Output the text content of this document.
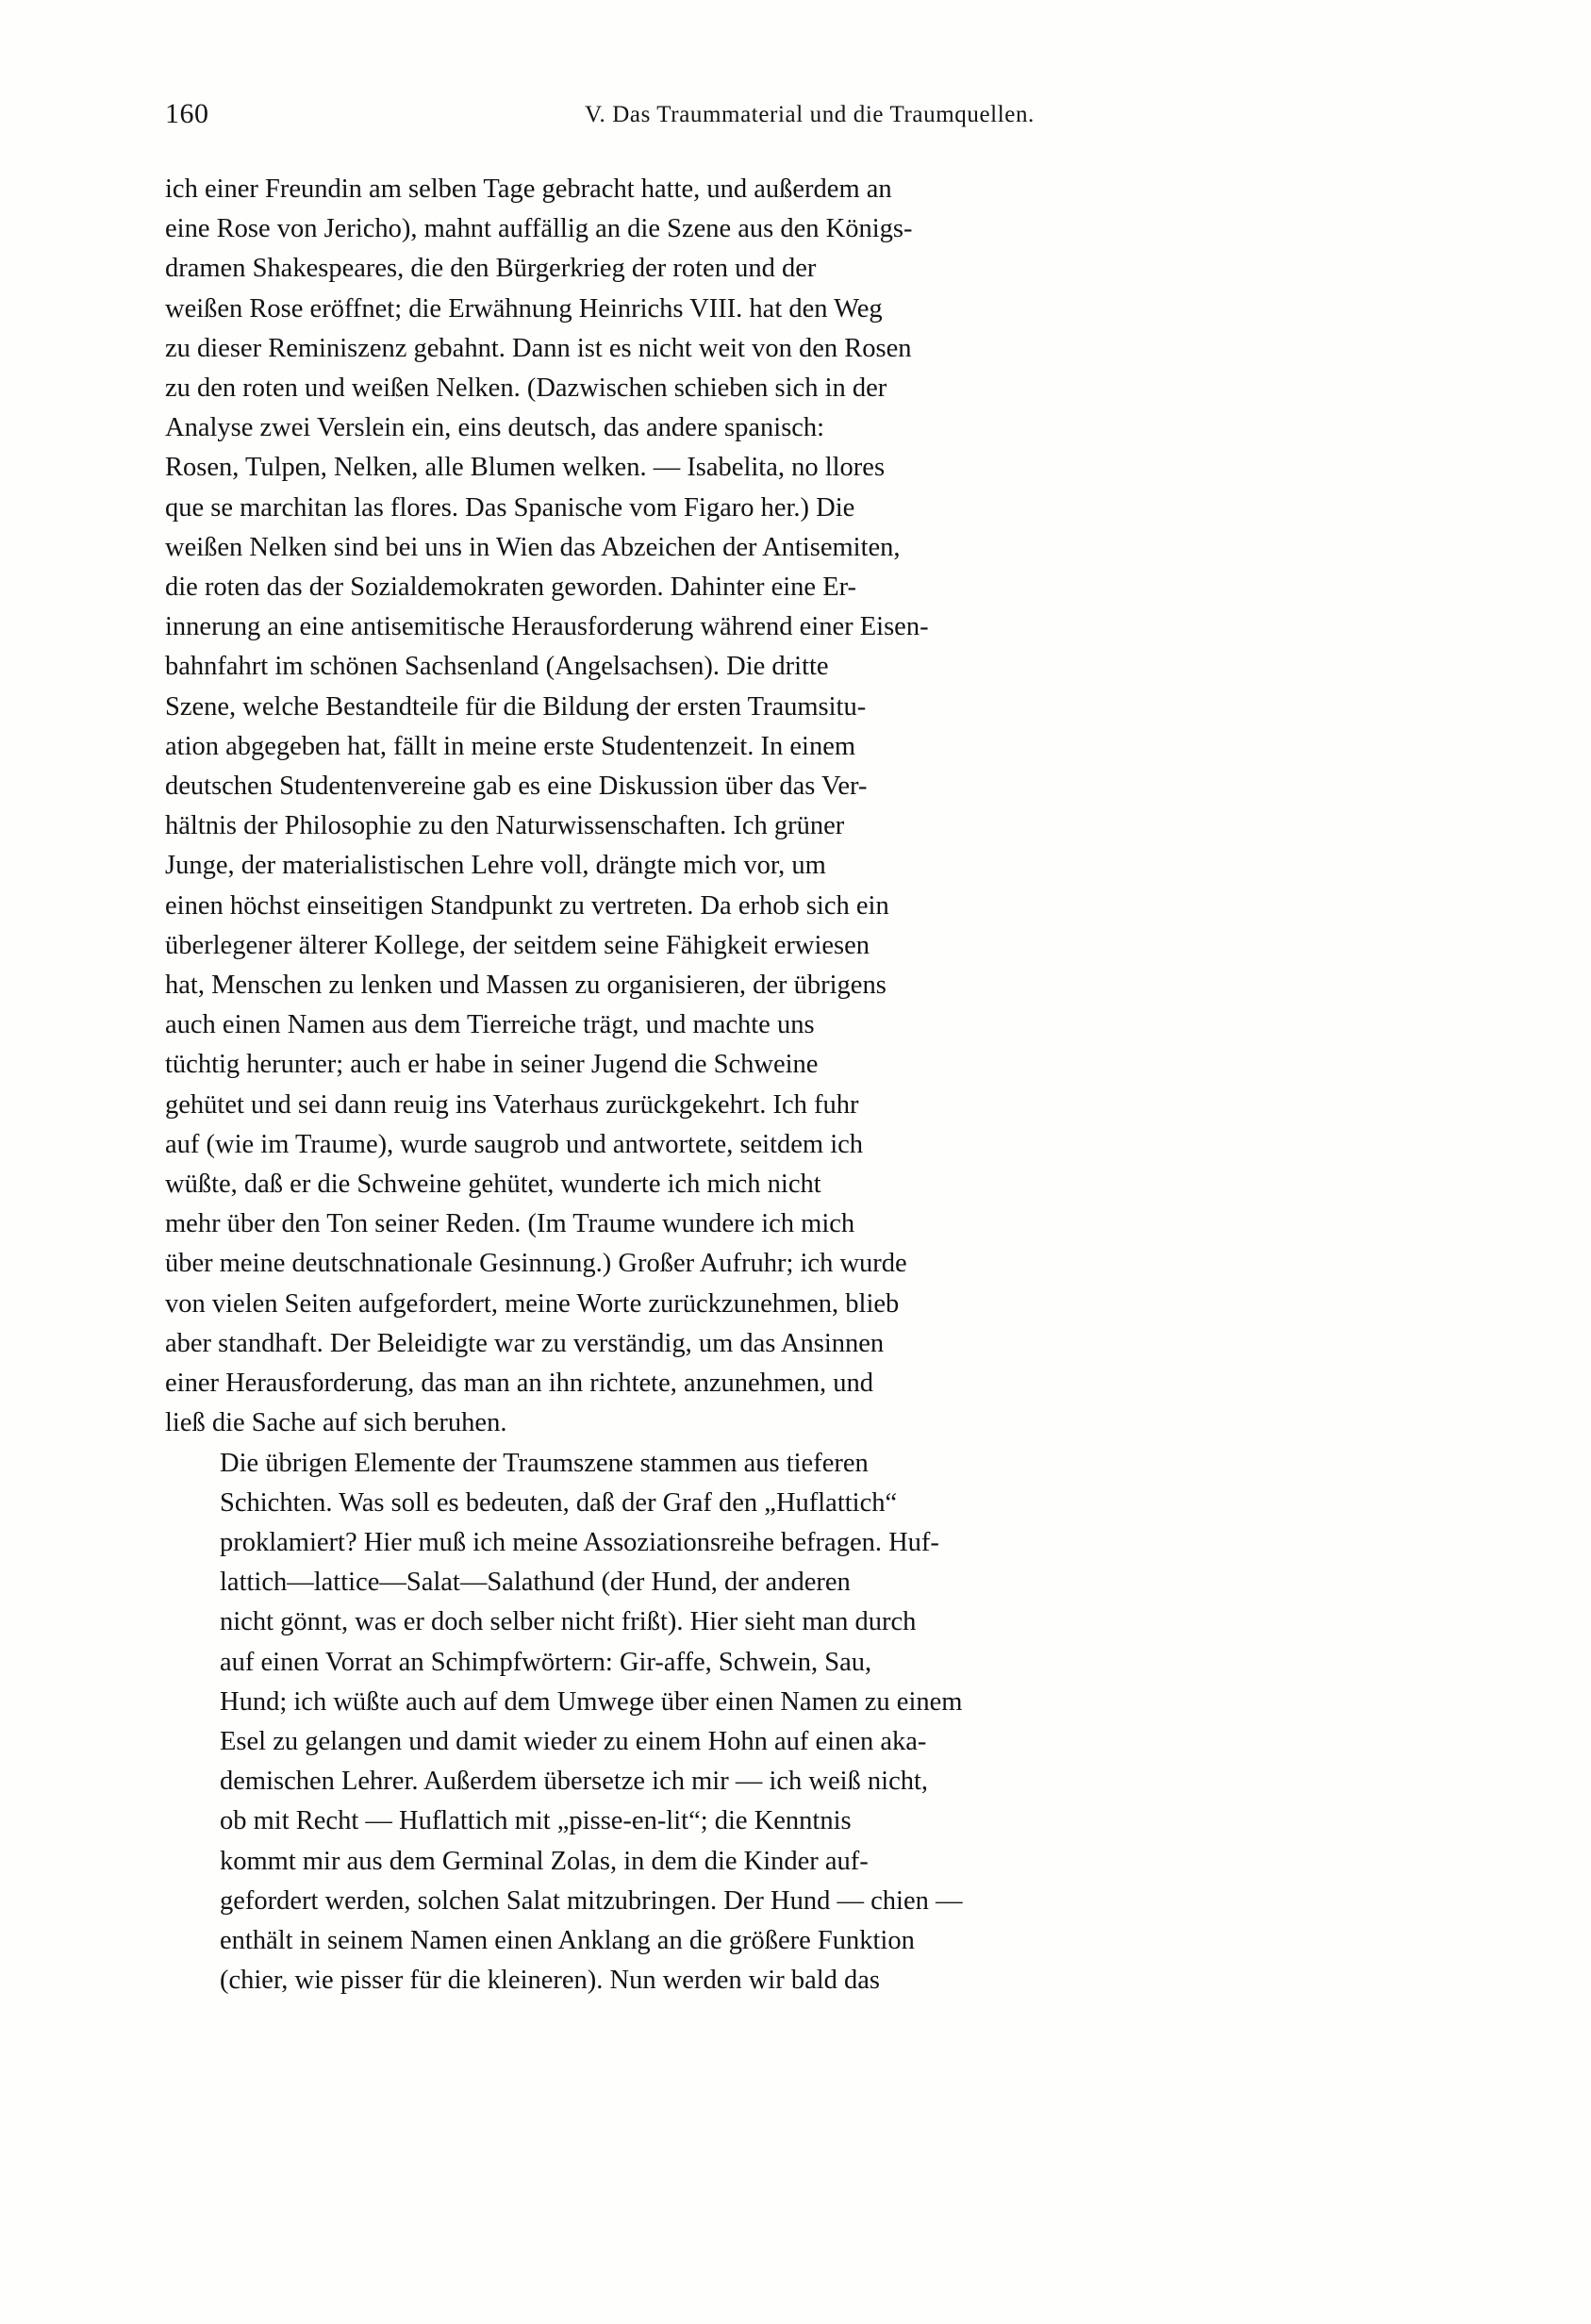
160	V. Das Traummaterial und die Traumquellen.

ich einer Freundin am selben Tage gebracht hatte, und außerdem an
eine Rose von Jericho), mahnt auffällig an die Szene aus den Königs-
dramen Shakespeares, die den Bürgerkrieg der roten und der
weißen Rose eröffnet; die Erwähnung Heinrichs VIII. hat den Weg
zu dieser Reminiszenz gebahnt. Dann ist es nicht weit von den Rosen
zu den roten und weißen Nelken. (Dazwischen schieben sich in der
Analyse zwei Verslein ein, eins deutsch, das andere spanisch:
Rosen, Tulpen, Nelken, alle Blumen welken. — Isabelita, no llores
que se marchitan las flores. Das Spanische vom Figaro her.) Die
weißen Nelken sind bei uns in Wien das Abzeichen der Antisemiten,
die roten das der Sozialdemokraten geworden. Dahinter eine Er-
innerung an eine antisemitische Herausforderung während einer Eisen-
bahnfahrt im schönen Sachsenland (Angelsachsen). Die dritte
Szene, welche Bestandteile für die Bildung der ersten Traumsitu-
ation abgegeben hat, fällt in meine erste Studentenzeit. In einem
deutschen Studentenvereine gab es eine Diskussion über das Ver-
hältnis der Philosophie zu den Naturwissenschaften. Ich grüner
Junge, der materialistischen Lehre voll, drängte mich vor, um
einen höchst einseitigen Standpunkt zu vertreten. Da erhob sich ein
überlegener älterer Kollege, der seitdem seine Fähigkeit erwiesen
hat, Menschen zu lenken und Massen zu organisieren, der übrigens
auch einen Namen aus dem Tierreiche trägt, und machte uns
tüchtig herunter; auch er habe in seiner Jugend die Schweine
gehütet und sei dann reuig ins Vaterhaus zurückgekehrt. Ich fuhr
auf (wie im Traume), wurde saugrob und antwortete, seitdem ich
wüßte, daß er die Schweine gehütet, wunderte ich mich nicht
mehr über den Ton seiner Reden. (Im Traume wundere ich mich
über meine deutschnationale Gesinnung.) Großer Aufruhr; ich wurde
von vielen Seiten aufgefordert, meine Worte zurückzunehmen, blieb
aber standhaft. Der Beleidigte war zu verständig, um das Ansinnen
einer Herausforderung, das man an ihn richtete, anzunehmen, und
ließ die Sache auf sich beruhen.

Die übrigen Elemente der Traumszene stammen aus tieferen
Schichten. Was soll es bedeuten, daß der Graf den „Huflattich“
proklamiert? Hier muß ich meine Assoziationsreihe befragen. Huf-
lattich—lattice—Salat—Salathund (der Hund, der anderen
nicht gönnt, was er doch selber nicht frißt). Hier sieht man durch
auf einen Vorrat an Schimpfwörtern: Gir-affe, Schwein, Sau,
Hund; ich wüßte auch auf dem Umwege über einen Namen zu einem
Esel zu gelangen und damit wieder zu einem Hohn auf einen aka-
demischen Lehrer. Außerdem übersetze ich mir — ich weiß nicht,
ob mit Recht — Huflattich mit „pisse-en-lit“; die Kenntnis
kommt mir aus dem Germinal Zolas, in dem die Kinder auf-
gefordert werden, solchen Salat mitzubringen. Der Hund — chien —
enthält in seinem Namen einen Anklang an die größere Funktion
(chier, wie pisser für die kleineren). Nun werden wir bald das
